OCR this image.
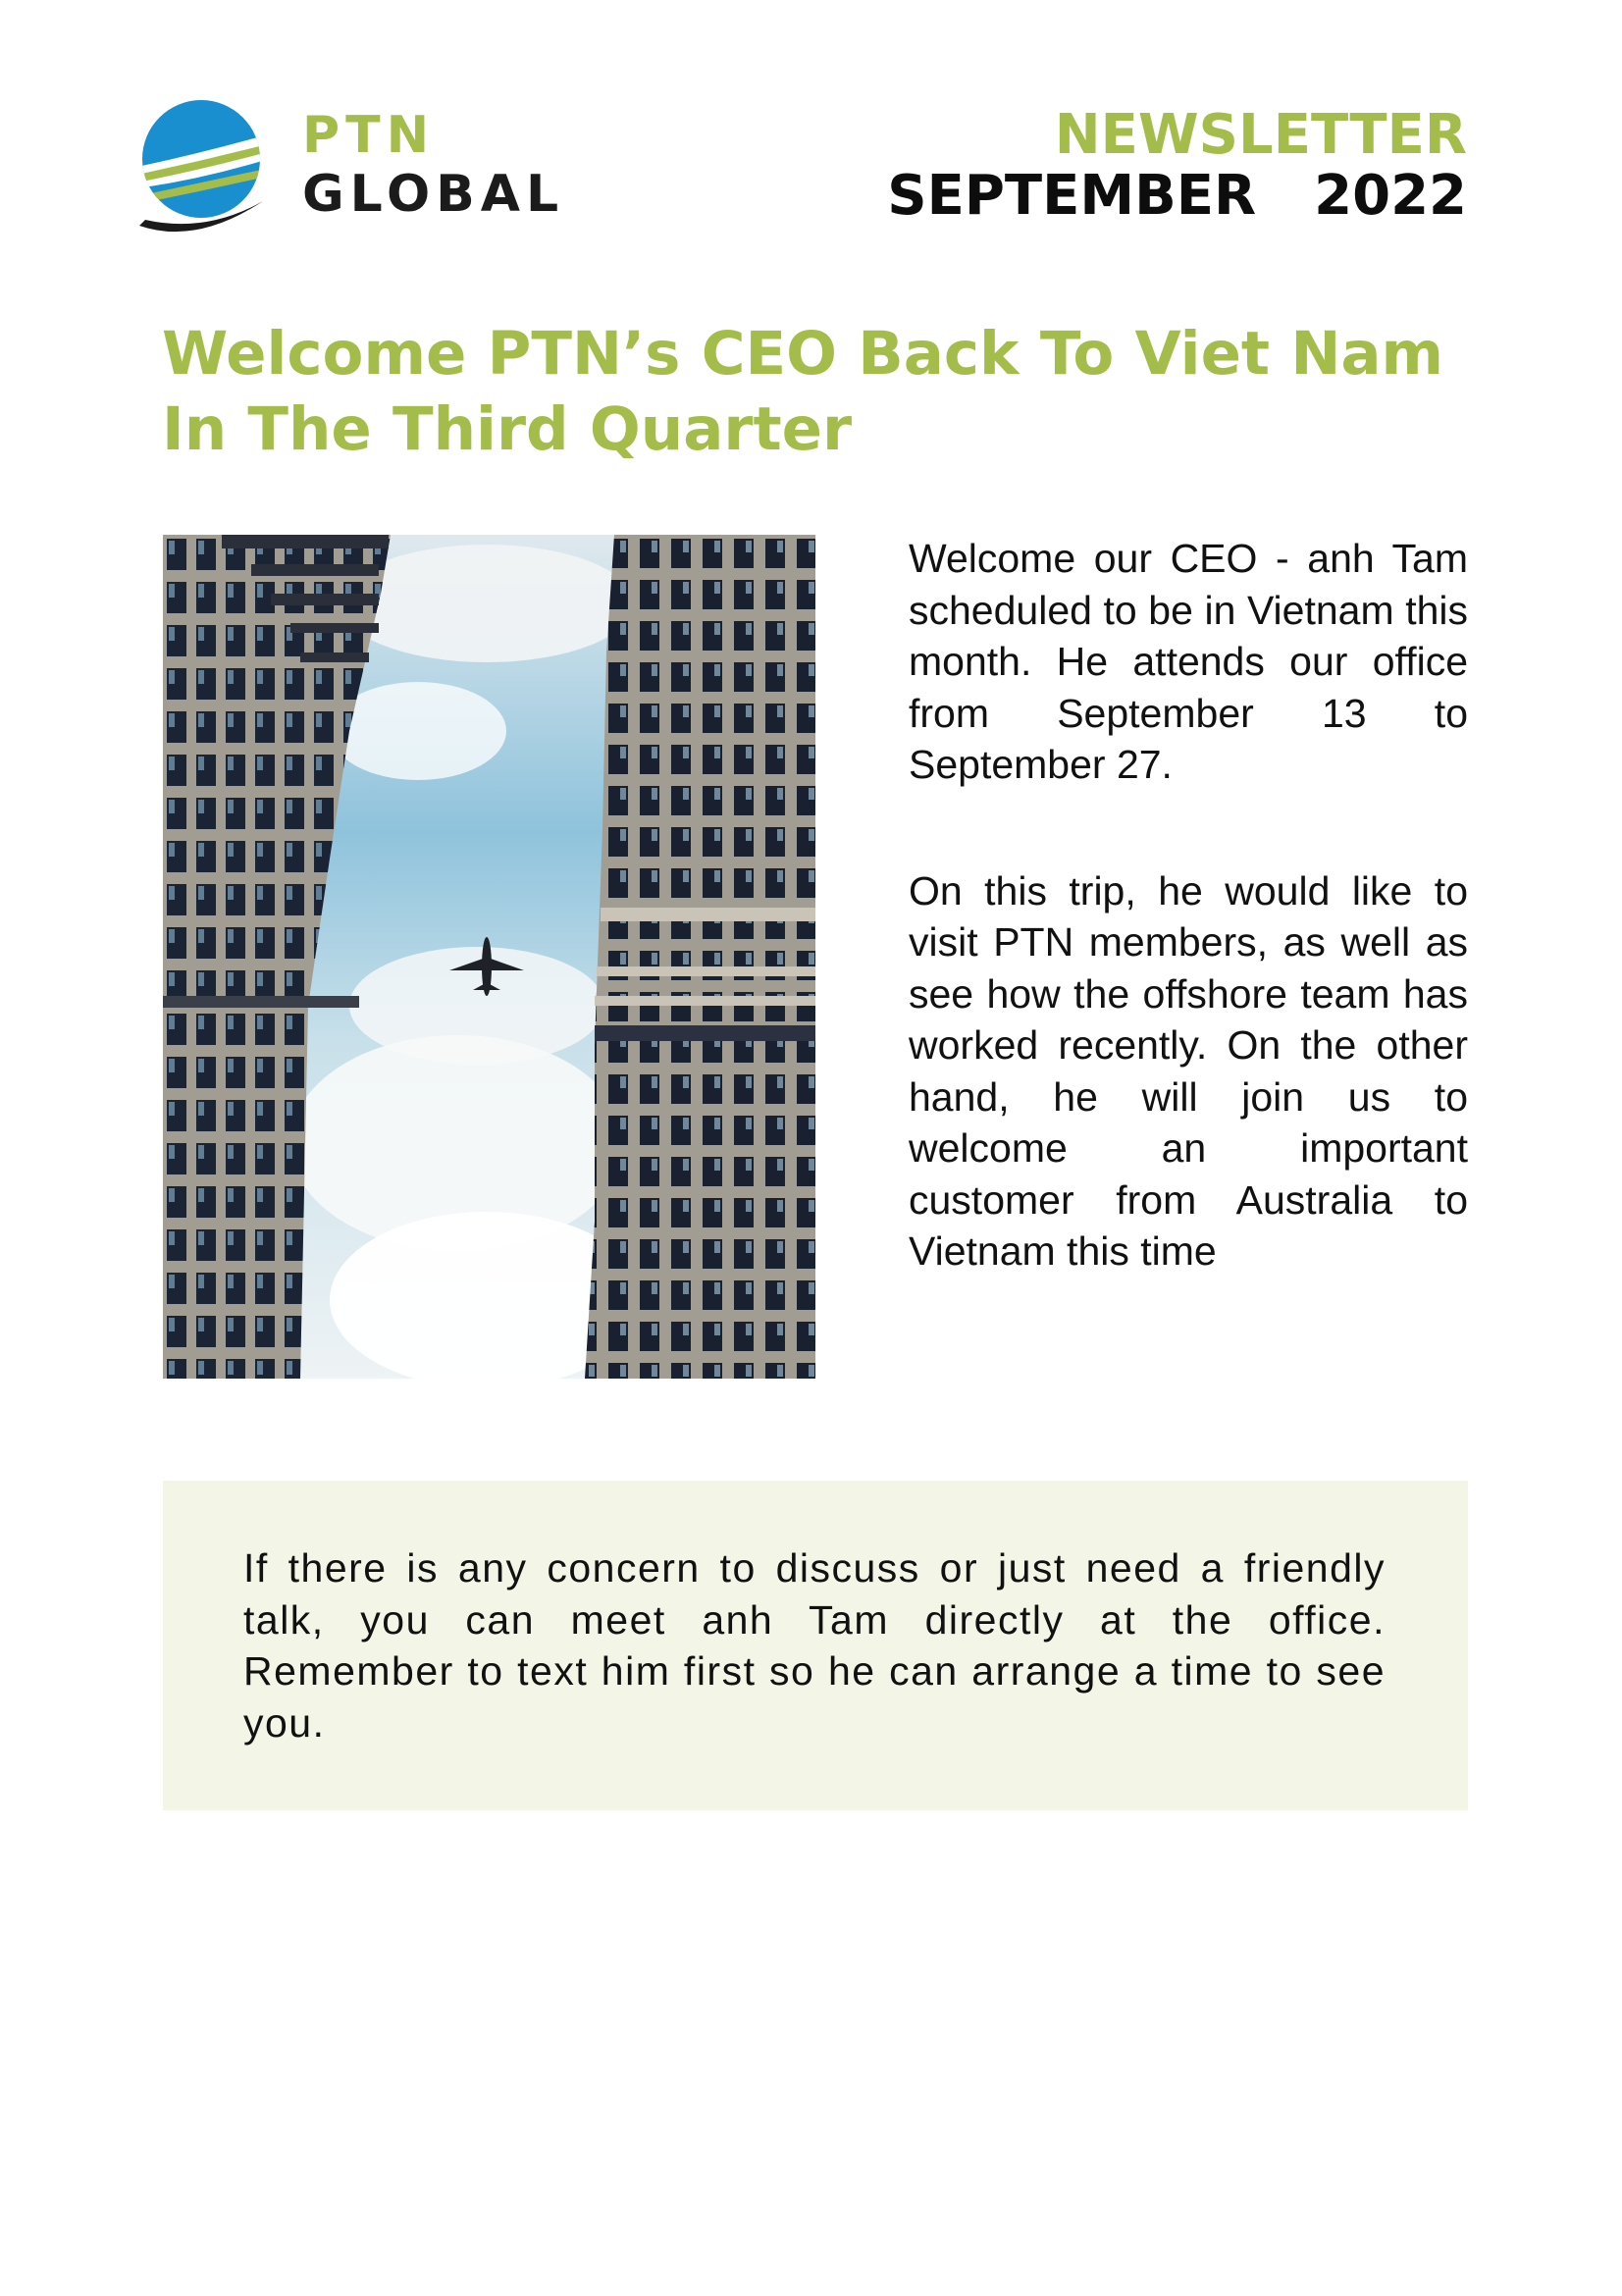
PTN
GLOBAL
NEWSLETTER
SEPTEMBER  2022
Welcome PTN’s CEO Back To Viet Nam In The Third Quarter

Welcome our CEO - anh Tam scheduled to be in Vietnam this month. He attends our office from September 13 to September 27.

On this trip, he would like to visit PTN members, as well as see how the offshore team has worked recently. On the other hand, he will join us to welcome an important customer from Australia to Vietnam this time

If there is any concern to discuss or just need a friendly talk, you can meet anh Tam directly at the office. Remember to text him first so he can arrange a time to see you.
